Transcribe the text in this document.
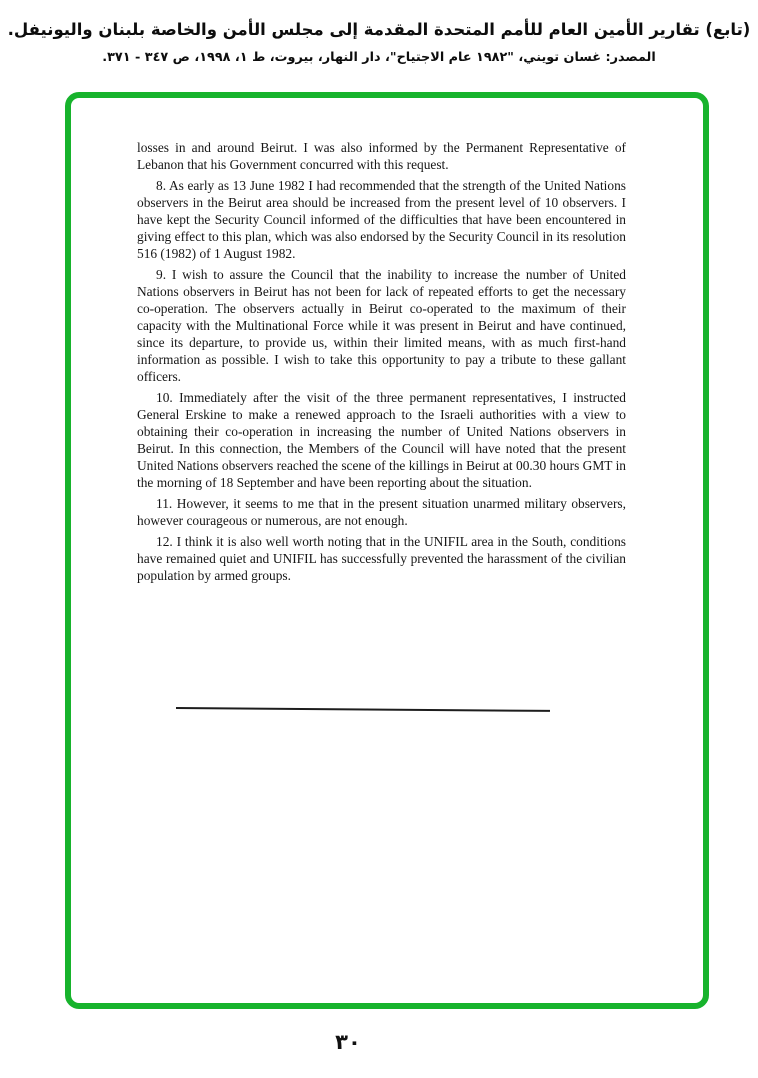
(تابع) تقارير الأمين العام للأمم المتحدة المقدمة إلى مجلس الأمن والخاصة بلبنان واليونيفل.
المصدر: غسان تويني، "١٩٨٢ عام الاجتياح"، دار النهار، بيروت، ط ١، ١٩٩٨، ص ٣٤٧ - ٣٧١.

losses in and around Beirut. I was also informed by the Permanent Representative of Lebanon that his Government concurred with this request.

8. As early as 13 June 1982 I had recommended that the strength of the United Nations observers in the Beirut area should be increased from the present level of 10 observers. I have kept the Security Council informed of the difficulties that have been encountered in giving effect to this plan, which was also endorsed by the Security Council in its resolution 516 (1982) of 1 August 1982.

9. I wish to assure the Council that the inability to increase the number of United Nations observers in Beirut has not been for lack of repeated efforts to get the necessary co-operation. The observers actually in Beirut co-operated to the maximum of their capacity with the Multinational Force while it was present in Beirut and have continued, since its departure, to provide us, within their limited means, with as much first-hand information as possible. I wish to take this opportunity to pay a tribute to these gallant officers.

10. Immediately after the visit of the three permanent representatives, I instructed General Erskine to make a renewed approach to the Israeli authorities with a view to obtaining their co-operation in increasing the number of United Nations observers in Beirut. In this connection, the Members of the Council will have noted that the present United Nations observers reached the scene of the killings in Beirut at 00.30 hours GMT in the morning of 18 September and have been reporting about the situation.

11. However, it seems to me that in the present situation unarmed military observers, however courageous or numerous, are not enough.

12. I think it is also well worth noting that in the UNIFIL area in the South, conditions have remained quiet and UNIFIL has successfully prevented the harassment of the civilian population by armed groups.

٣٠
